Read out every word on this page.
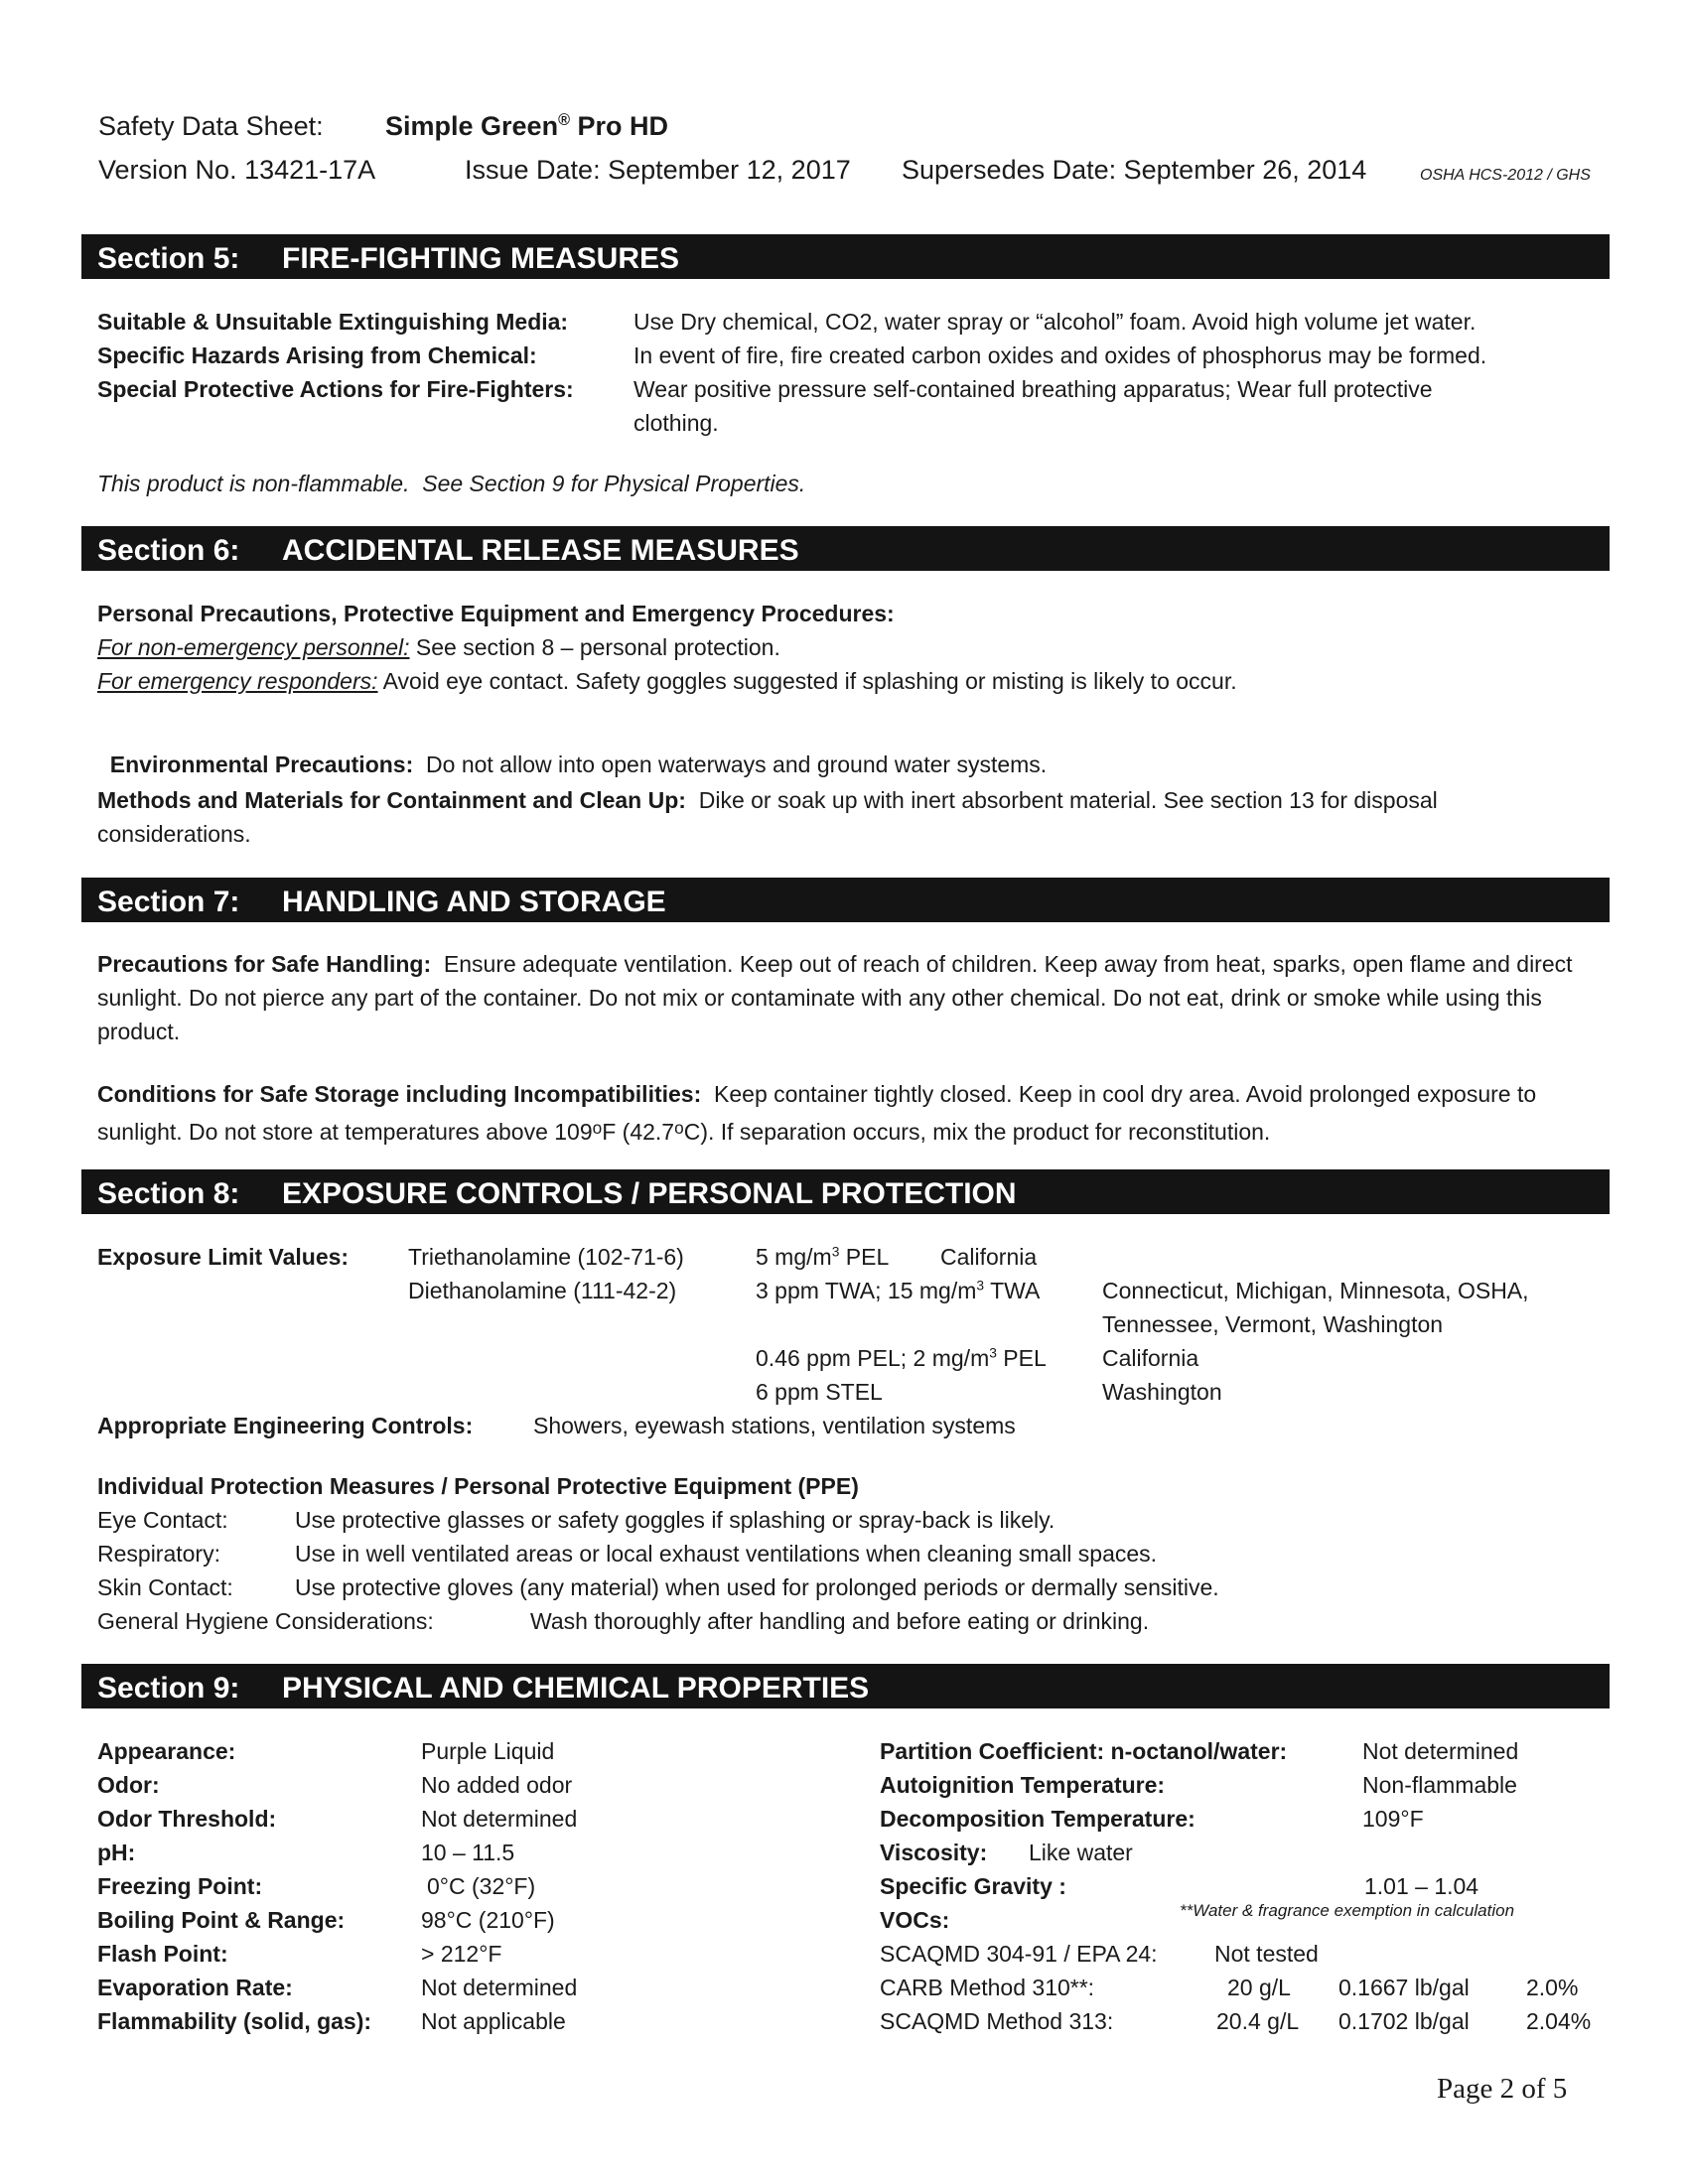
Safety Data Sheet: Simple Green® Pro HD
Version No. 13421-17A	Issue Date: September 12, 2017 Supersedes Date: September 26, 2014	OSHA HCS-2012 / GHS
Section 5: FIRE-FIGHTING MEASURES
Suitable & Unsuitable Extinguishing Media:	Use Dry chemical, CO2, water spray or “alcohol” foam. Avoid high volume jet water.
Specific Hazards Arising from Chemical:	In event of fire, fire created carbon oxides and oxides of phosphorus may be formed.
Special Protective Actions for Fire-Fighters:	Wear positive pressure self-contained breathing apparatus; Wear full protective
clothing.
This product is non-flammable.  See Section 9 for Physical Properties.
Section 6: ACCIDENTAL RELEASE MEASURES
Personal Precautions, Protective Equipment and Emergency Procedures:
For non-emergency personnel: See section 8 – personal protection.
For emergency responders: Avoid eye contact. Safety goggles suggested if splashing or misting is likely to occur.

Environmental Precautions:  Do not allow into open waterways and ground water systems.

Methods and Materials for Containment and Clean Up:  Dike or soak up with inert absorbent material. See section 13 for disposal considerations.
Section 7: HANDLING AND STORAGE
Precautions for Safe Handling:  Ensure adequate ventilation. Keep out of reach of children. Keep away from heat, sparks, open flame and direct sunlight. Do not pierce any part of the container. Do not mix or contaminate with any other chemical. Do not eat, drink or smoke while using this product.
Conditions for Safe Storage including Incompatibilities:  Keep container tightly closed. Keep in cool dry area. Avoid prolonged exposure to sunlight. Do not store at temperatures above 109$^o$F (42.7$^o$C). If separation occurs, mix the product for reconstitution.
Section 8: EXPOSURE CONTROLS / PERSONAL PROTECTION
Exposure Limit Values:	Triethanolamine (102-71-6)	5 $mg/m^3$ PEL California
Diethanolamine (111-42-2)	3 ppm TWA; 15 $mg/m^3$ TWA	Connecticut, Michigan, Minnesota, OSHA,
Tennessee, Vermont, Washington
0.46 ppm PEL; 2 $mg/m^3$ PEL California
6 ppm STEL	Washington
Appropriate Engineering Controls:	Showers, eyewash stations, ventilation systems
Individual Protection Measures / Personal Protective Equipment (PPE)
Eye Contact:	Use protective glasses or safety goggles if splashing or spray-back is likely.
Respiratory:	Use in well ventilated areas or local exhaust ventilations when cleaning small spaces.
Skin Contact:	Use protective gloves (any material) when used for prolonged periods or dermally sensitive.
General Hygiene Considerations:	Wash thoroughly after handling and before eating or drinking.
Section 9: PHYSICAL AND CHEMICAL PROPERTIES
Appearance:	Purple Liquid
Odor:	No added odor
Odor Threshold:	Not determined
pH:	10 – 11.5
Freezing Point:	0°C (32°F)
Boiling Point & Range:	98°C (210°F)
Flash Point:	> 212°F
Evaporation Rate:	Not determined
Flammability (solid, gas): Not applicable
Partition Coefficient: n-octanol/water:	Not determined
Autoignition Temperature:	Non-flammable
Decomposition Temperature:	109°F
Viscosity: Like water
Specific Gravity :	1.01 – 1.04
VOCs:	**Water & fragrance exemption in calculation
SCAQMD 304-91 / EPA 24: Not tested
CARB Method 310**:	20 g/L 0.1667 lb/gal 2.0%
SCAQMD Method 313:	20.4 g/L 0.1702 lb/gal 2.04%
Page 2 of 5
